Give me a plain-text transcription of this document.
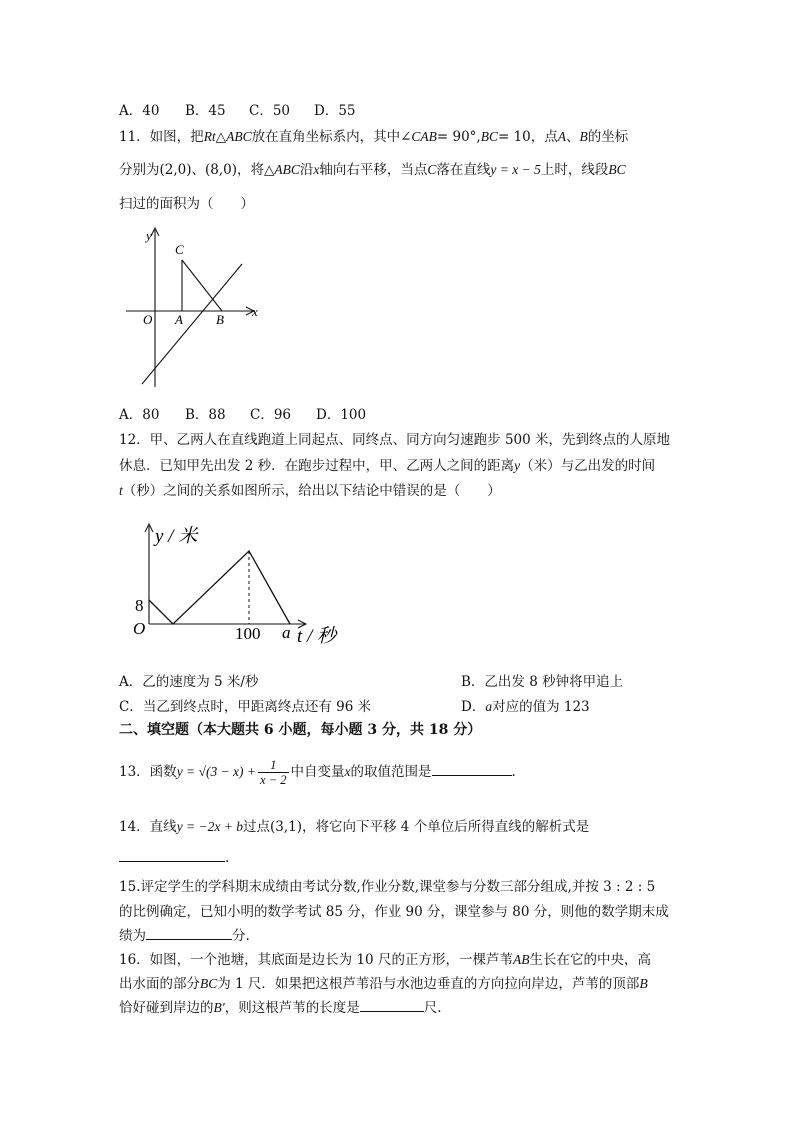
A．40 B．45 C．50 D．55
11．如图，把Rt△ABC放在直角坐标系内，其中∠CAB= 90°,BC= 10，点A、B的坐标
分别为(2,0)、(8,0)，将△ABC沿x轴向右平移，当点C落在直线y = x − 5上时，线段BC
扫过的面积为（　　）
y
x
C
O A	B
A．80 B．88 C．96 D．100
12．甲、乙两人在直线跑道上同起点、同终点、同方向匀速跑步 500 米，先到终点的人原地
休息．已知甲先出发 2 秒．在跑步过程中，甲、乙两人之间的距离y（米）与乙出发的时间
t（秒）之间的关系如图所示，给出以下结论中错误的是（　　）
y / 米
8
O	100 a t / 秒
A．乙的速度为 5 米/秒	B．乙出发 8 秒钟将甲追上
C．当乙到终点时，甲距离终点还有 96 米	D．a对应的值为 123
二、填空题（本大题共 6 小题，每小题 3 分，共 18 分）
13．函数$y = √(3 - x) + \frac{1}{x - 2}$ 中自变量x的取值范围是	.
14．直线y = −2x + b过点(3,1)，将它向下平移 4 个单位后所得直线的解析式是
.
15.评定学生的学科期末成绩由考试分数,作业分数,课堂参与分数三部分组成,并按 3 : 2 : 5
的比例确定，已知小明的数学考试 85 分，作业 90 分，课堂参与 80 分，则他的数学期末成
绩为	分.
16．如图，一个池塘，其底面是边长为 10 尺的正方形，一棵芦苇AB生长在它的中央，高
出水面的部分BC为 1 尺．如果把这根芦苇沿与水池边垂直的方向拉向岸边，芦苇的顶部B
恰好碰到岸边的B′，则这根芦苇的长度是	尺.
